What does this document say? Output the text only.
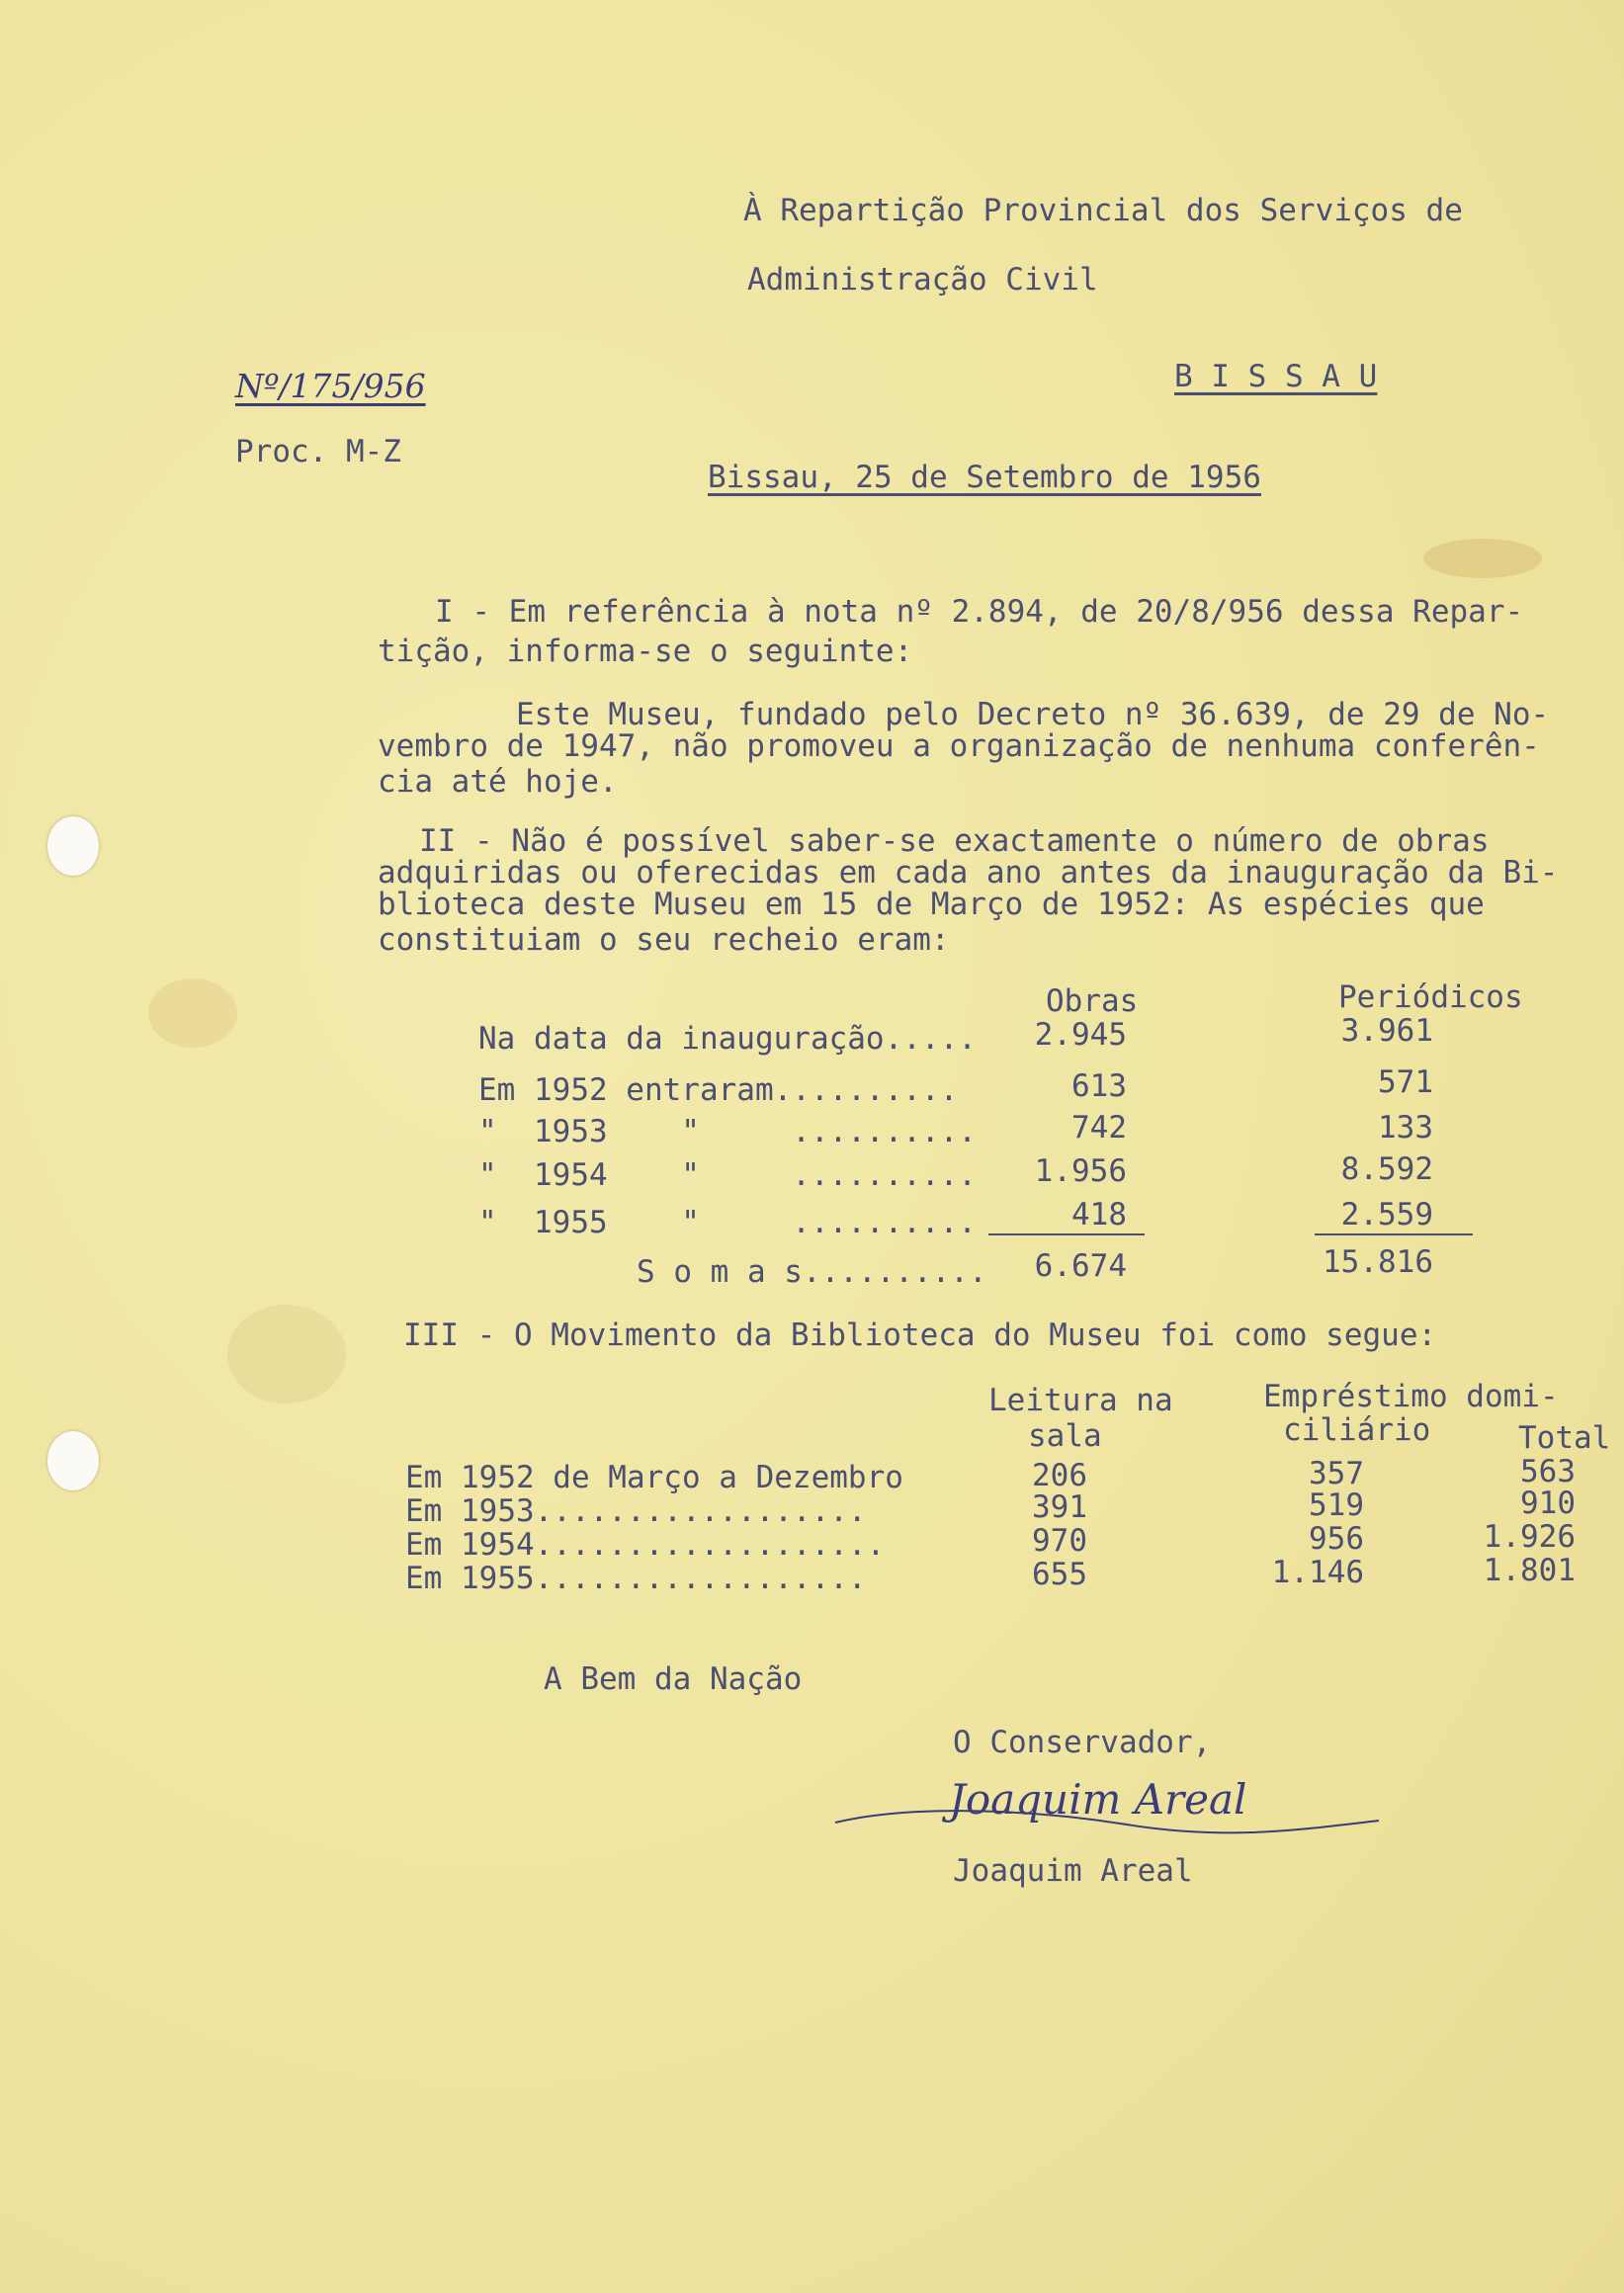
À Repartição Provincial dos Serviços de
Administração Civil
B I S S A U
Nº/175/956
Proc. M-Z
Bissau, 25 de Setembro de 1956
I - Em referência à nota nº 2.894, de 20/8/956 dessa Repar-
tição, informa-se o seguinte:
Este Museu, fundado pelo Decreto nº 36.639, de 29 de No-
vembro de 1947, não promoveu a organização de nenhuma conferên-
cia até hoje.
II - Não é possível saber-se exactamente o número de obras
adquiridas ou oferecidas em cada ano antes da inauguração da Bi-
blioteca deste Museu em 15 de Março de 1952: As espécies que
constituiam o seu recheio eram:
Obras	Periódicos
Na data da inauguração.....	2.945	3.961
Em 1952 entraram..........	613	571
"  1953    "     ..........	742	133
"  1954    "     ..........	1.956	8.592
"  1955    "     ..........	418	2.559
S o m a s..........	6.674	15.816
III - O Movimento da Biblioteca do Museu foi como segue:
Leitura na
sala
Empréstimo domi-
ciliário	Total
Em 1952 de Março a Dezembro	206	357	563
Em 1953..................	391	519	910
Em 1954...................	970	956	1.926
Em 1955..................	655	1.146	1.801
A Bem da Nação
O Conservador,
Joaquim Areal
Joaquim Areal
